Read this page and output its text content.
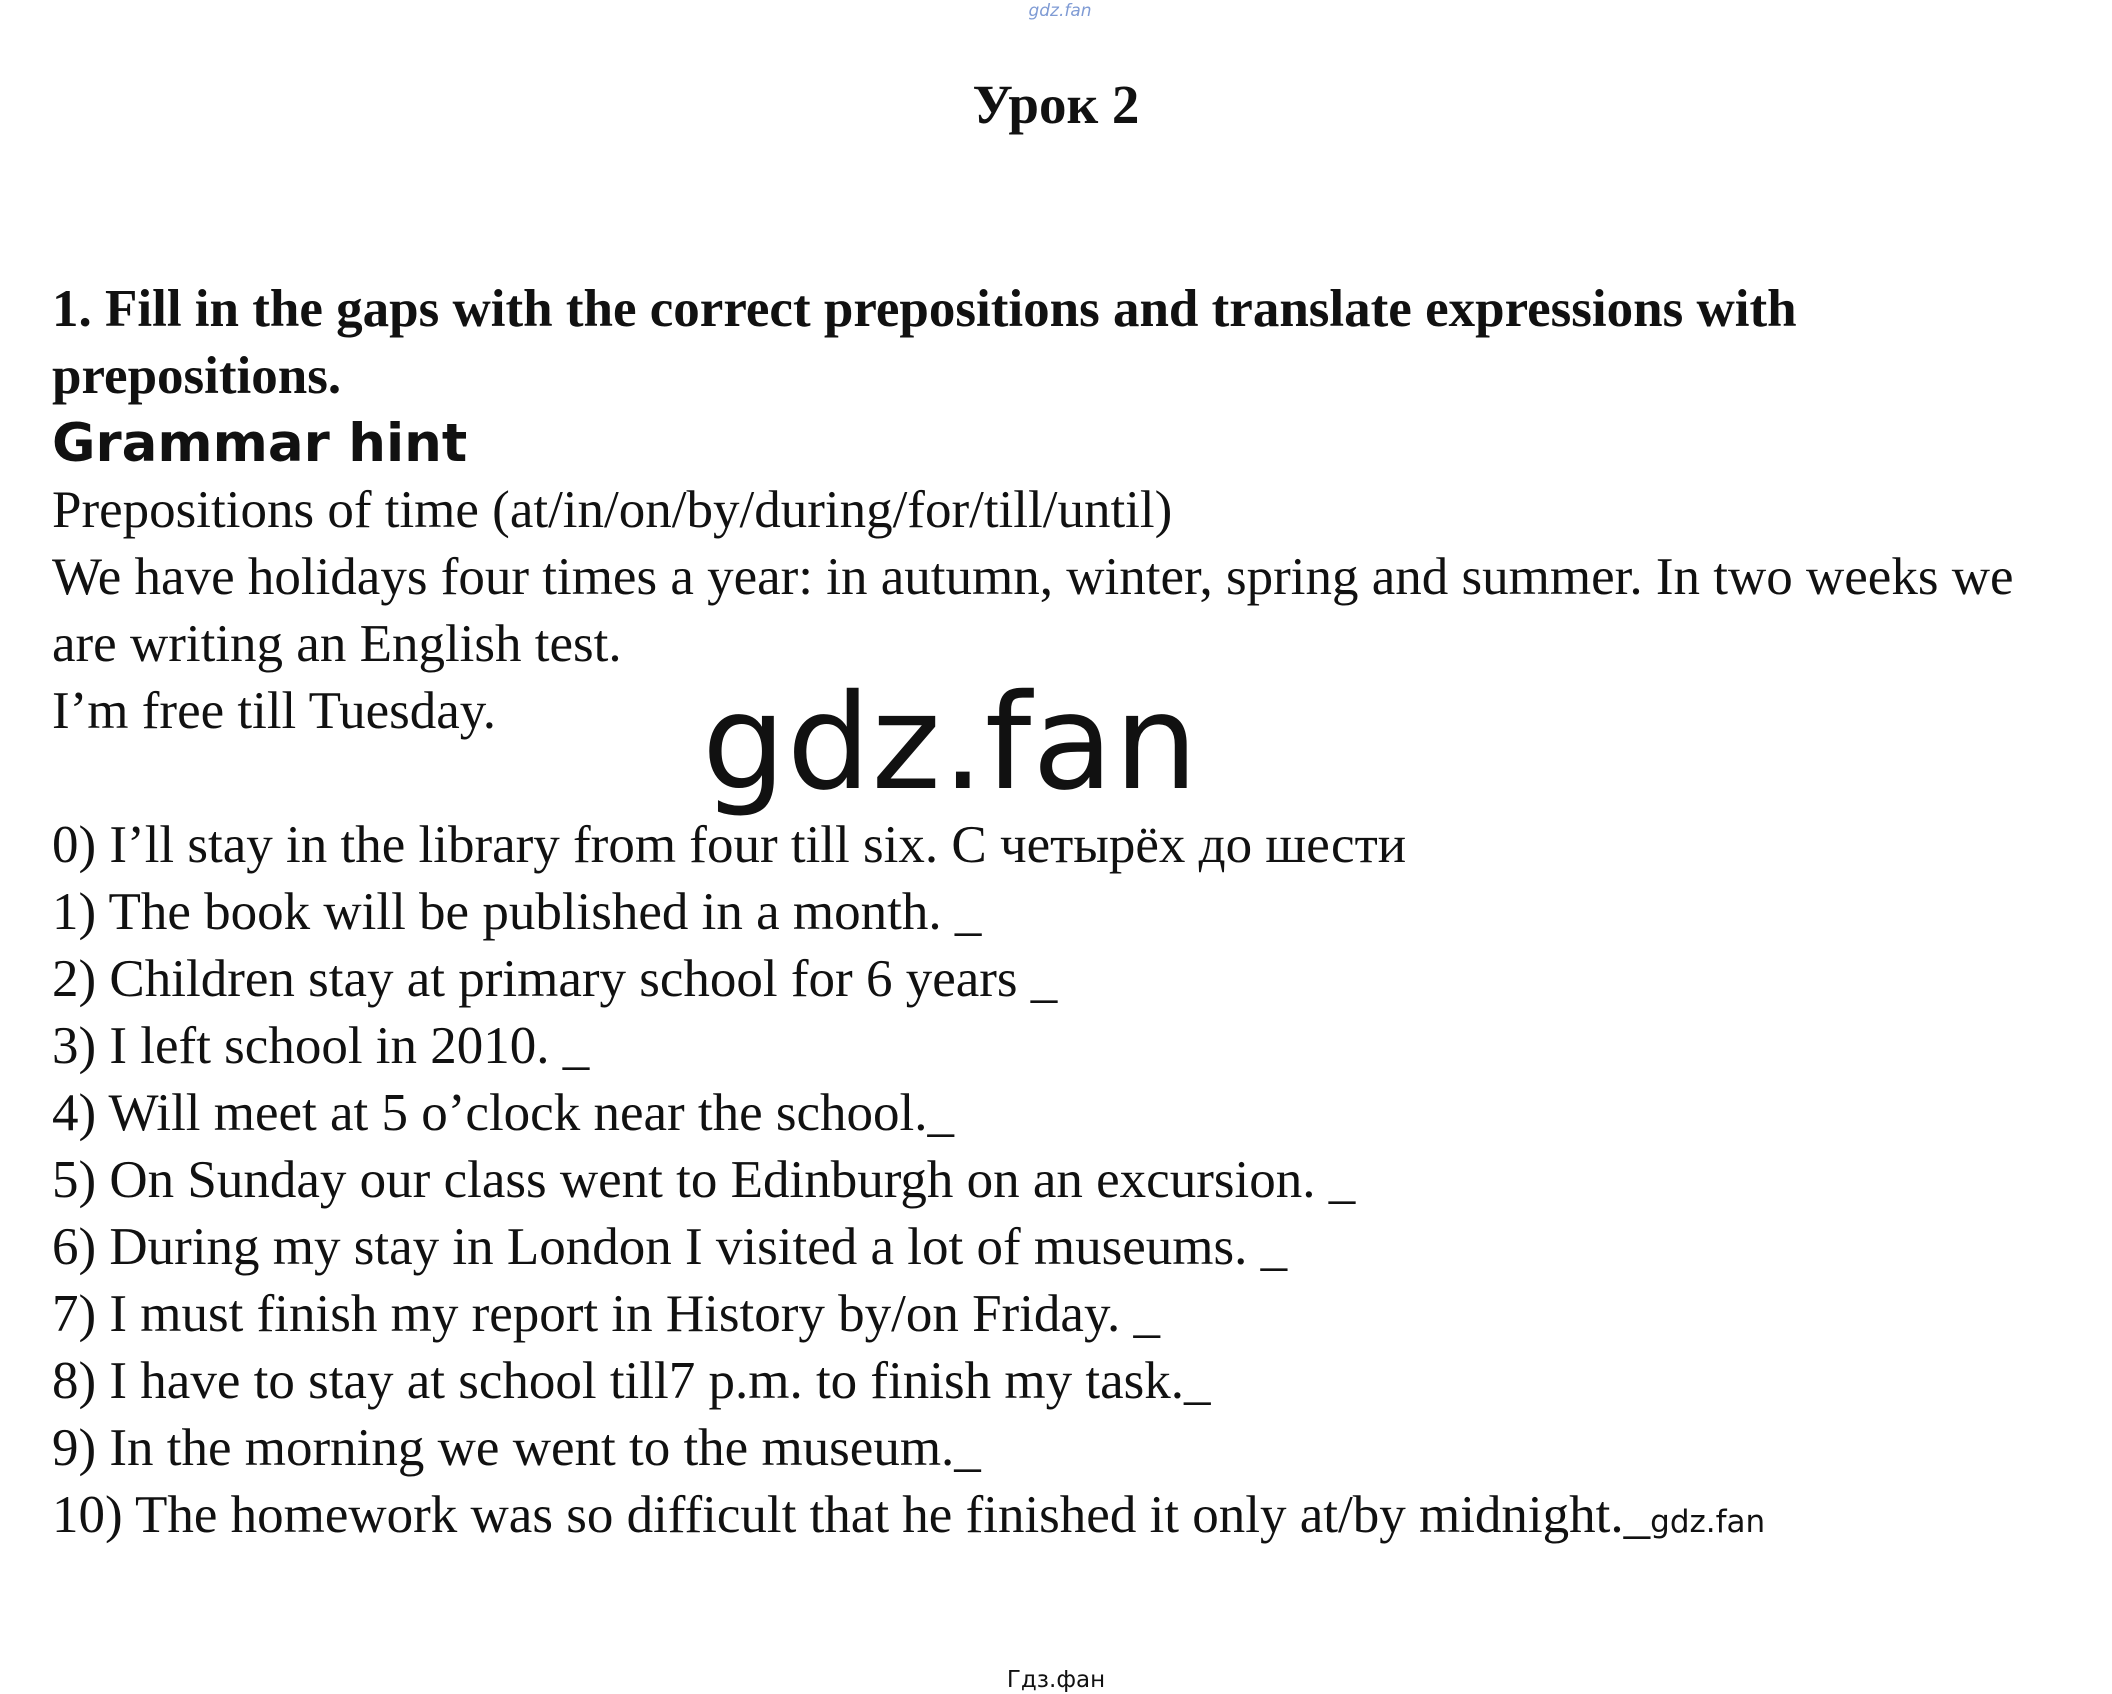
gdz.fan
Урок 2

1. Fill in the gaps with the correct prepositions and translate expressions with prepositions.

Grammar hint

Prepositions of time (at/in/on/by/during/for/till/until)

We have holidays four times a year: in autumn, winter, spring and summer. In two weeks we are writing an English test.

I’m free till Tuesday.

0) I’ll stay in the library from four till six. С четырёх до шести

1) The book will be published in a month. _

2) Children stay at primary school for 6 years _

3) I left school in 2010. _

4) Will meet at 5 o’clock near the school._

5) On Sunday our class went to Edinburgh on an excursion. _

6) During my stay in London I visited a lot of museums. _

7) I must finish my report in History by/on Friday. _

8) I have to stay at school till7 p.m. to finish my task._

9) In the morning we went to the museum._

10) The homework was so difficult that he finished it only at/by midnight._gdz.fan

gdz.fan
Гдз.фан
